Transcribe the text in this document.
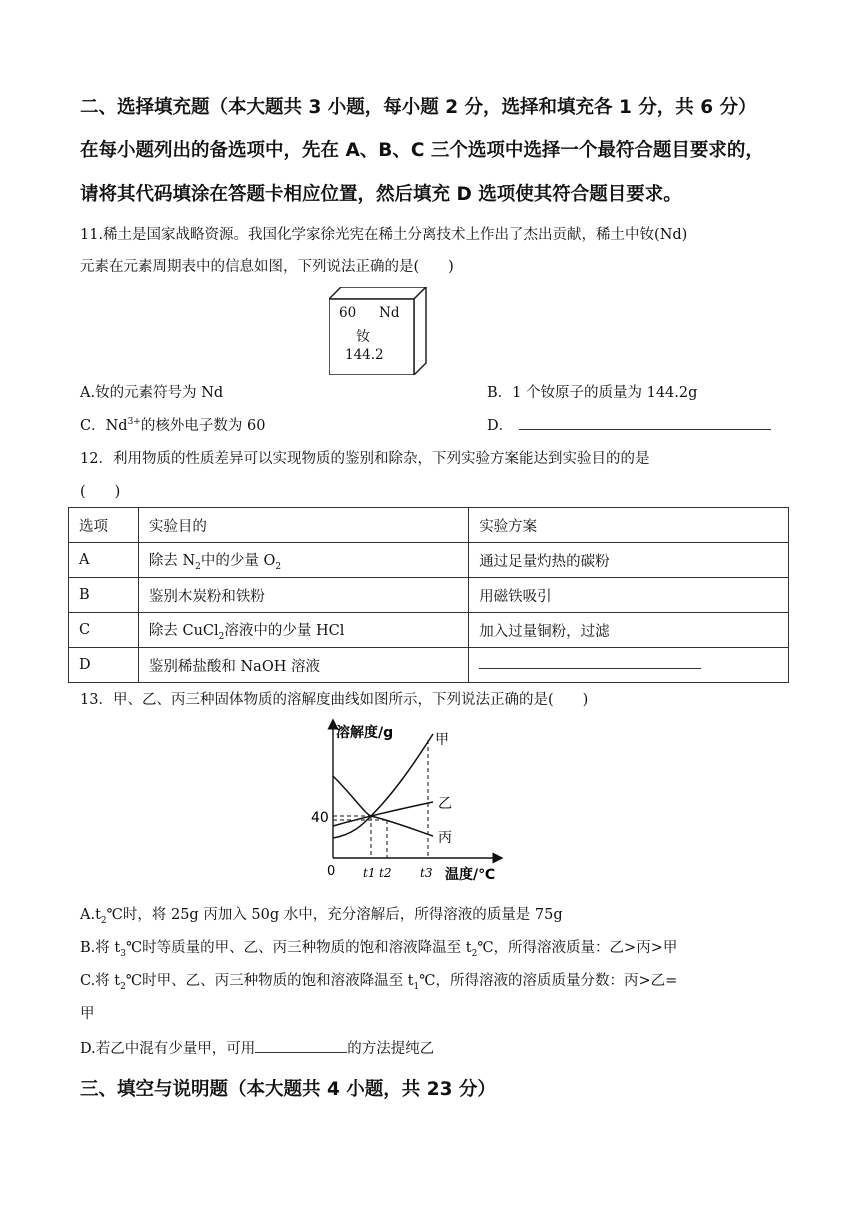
二、选择填充题（本大题共 3 小题，每小题 2 分，选择和填充各 1 分，共 6 分）
在每小题列出的备选项中，先在 A、B、C 三个选项中选择一个最符合题目要求的，
请将其代码填涂在答题卡相应位置，然后填充 D 选项使其符合题目要求。
11.稀土是国家战略资源。我国化学家徐光宪在稀土分离技术上作出了杰出贡献，稀土中钕(Nd)
元素在元素周期表中的信息如图，下列说法正确的是(　　)
60 Nd
钕
144.2
A.钕的元素符号为 Nd	B．1 个钕原子的质量为 144.2g
C．$Nd^{3+}$的核外电子数为 60	D．
12．利用物质的性质差异可以实现物质的鉴别和除杂，下列实验方案能达到实验目的的是
(　　)
选项	实验目的	实验方案
A	除去 $N_2$中的少量 $O_2$	通过足量灼热的碳粉
B	鉴别木炭粉和铁粉	用磁铁吸引
C	除去 CuCl$_2$溶液中的少量 HCl	加入过量铜粉，过滤
D	鉴别稀盐酸和 NaOH 溶液	
13．甲、乙、丙三种固体物质的溶解度曲线如图所示，下列说法正确的是(　　)
溶解度/g	甲
乙
丙
40
0 t1 t2 t3 温度/℃
$A.t_2℃$时，将 25g 丙加入 50g 水中，充分溶解后，所得溶液的质量是 75g
B.将 $t_3℃$时等质量的甲、乙、丙三种物质的饱和溶液降温至 $t_2℃$，所得溶液质量：乙>丙>甲
C.将 $t_2℃$时甲、乙、丙三种物质的饱和溶液降温至 $t_1℃$，所得溶液的溶质质量分数：丙>乙=
甲
D.若乙中混有少量甲，可用	的方法提纯乙
三、填空与说明题（本大题共 4 小题，共 23 分）
